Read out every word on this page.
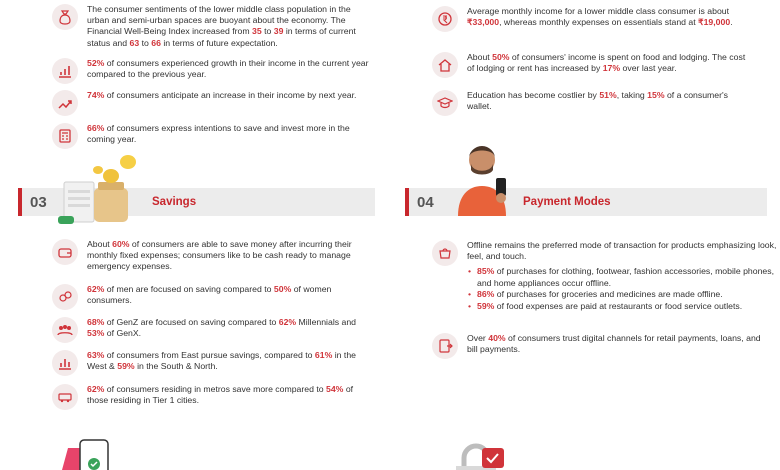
The consumer sentiments of the lower middle class population in the urban and semi-urban spaces are buoyant about the economy. The Financial Well-Being Index increased from 35 to 39 in terms of current status and 63 to 66 in terms of future expectation.
52% of consumers experienced growth in their income in the current year compared to the previous year.
74% of consumers anticipate an increase in their income by next year.
66% of consumers express intentions to save and invest more in the coming year.
Average monthly income for a lower middle class consumer is about ₹33,000, whereas monthly expenses on essentials stand at ₹19,000.
About 50% of consumers' income is spent on food and lodging. The cost of lodging or rent has increased by 17% over last year.
Education has become costlier by 51%, taking 15% of a consumer's wallet.
03	Savings	04	Payment Modes
About 60% of consumers are able to save money after incurring their monthly fixed expenses; consumers like to be cash ready to manage emergency expenses.
62% of men are focused on saving compared to 50% of women consumers.
68% of GenZ are focused on saving compared to 62% Millennials and 53% of GenX.
63% of consumers from East pursue savings, compared to 61% in the West & 59% in the South & North.
62% of consumers residing in metros save more compared to 54% of those residing in Tier 1 cities.
Offline remains the preferred mode of transaction for products emphasizing look, feel, and touch.
• 85% of purchases for clothing, footwear, fashion accessories, mobile phones, and home appliances occur offline.
• 86% of purchases for groceries and medicines are made offline.
• 59% of food expenses are paid at restaurants or food service outlets.
Over 40% of consumers trust digital channels for retail payments, loans, and bill payments.
